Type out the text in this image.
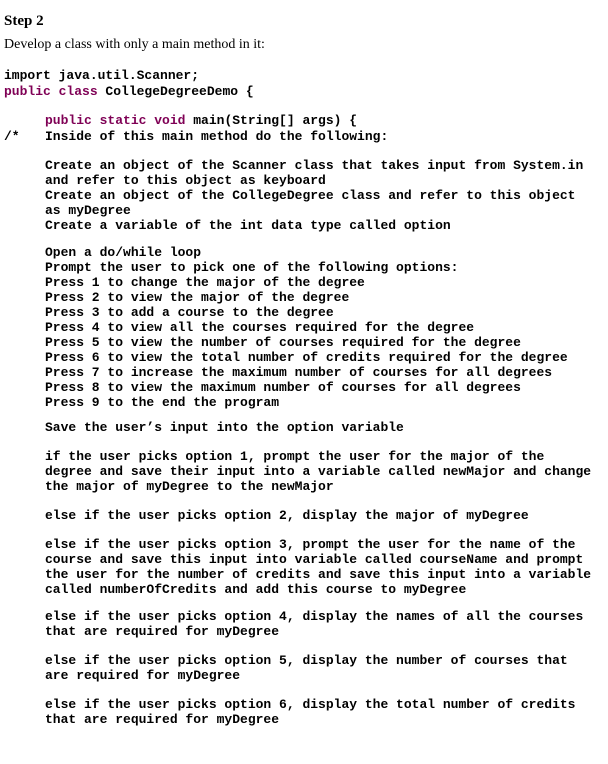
Step 2
Develop a class with only a main method in it:
import java.util.Scanner;
public class CollegeDegreeDemo {
public static void main(String[] args) {
/* Inside of this main method do the following:
Create an object of the Scanner class that takes input from System.in
and refer to this object as keyboard
Create an object of the CollegeDegree class and refer to this object
as myDegree
Create a variable of the int data type called option
Open a do/while loop
Prompt the user to pick one of the following options:
Press 1 to change the major of the degree
Press 2 to view the major of the degree
Press 3 to add a course to the degree
Press 4 to view all the courses required for the degree
Press 5 to view the number of courses required for the degree
Press 6 to view the total number of credits required for the degree
Press 7 to increase the maximum number of courses for all degrees
Press 8 to view the maximum number of courses for all degrees
Press 9 to the end the program
Save the user’s input into the option variable
if the user picks option 1, prompt the user for the major of the
degree and save their input into a variable called newMajor and change
the major of myDegree to the newMajor
else if the user picks option 2, display the major of myDegree
else if the user picks option 3, prompt the user for the name of the
course and save this input into variable called courseName and prompt
the user for the number of credits and save this input into a variable
called numberOfCredits and add this course to myDegree
else if the user picks option 4, display the names of all the courses
that are required for myDegree
else if the user picks option 5, display the number of courses that
are required for myDegree
else if the user picks option 6, display the total number of credits
that are required for myDegree
